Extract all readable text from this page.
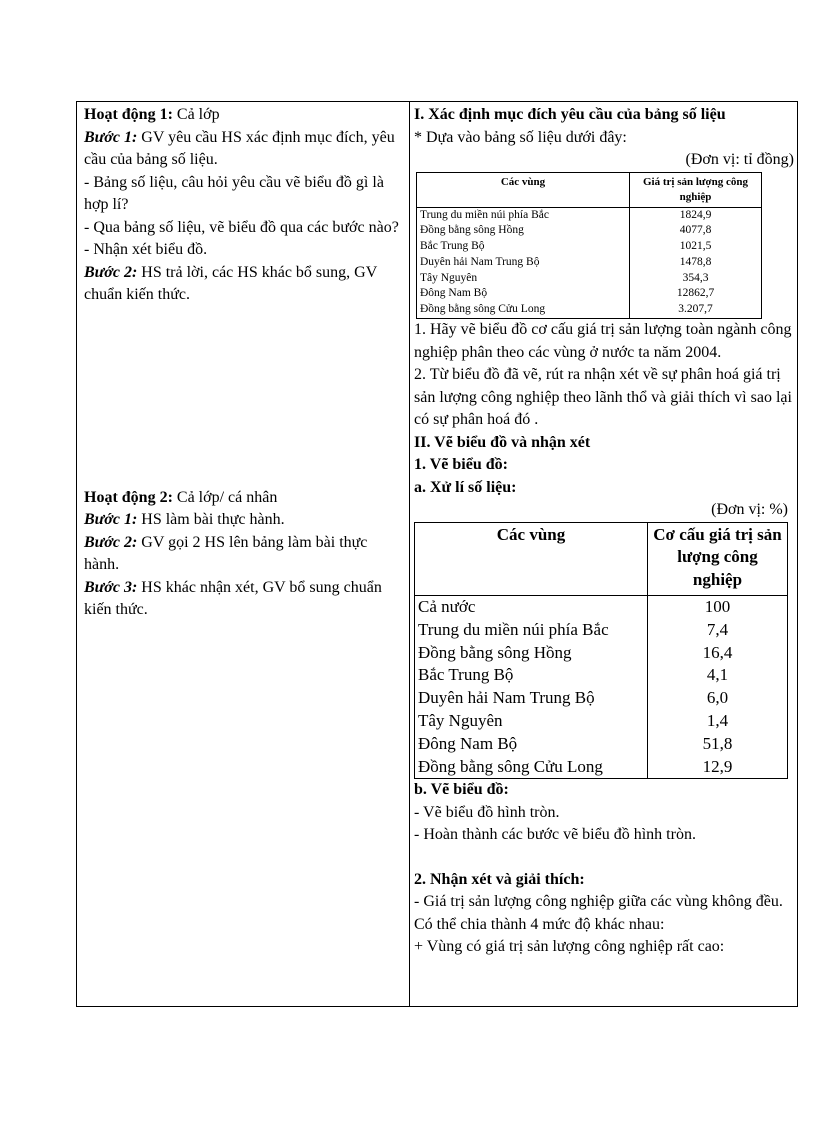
Hoạt động 1: Cả lớp

Bước 1: GV yêu cầu HS xác định mục đích, yêu cầu của bảng số liệu.

- Bảng số liệu, câu hỏi yêu cầu vẽ biểu đồ gì là hợp lí?

- Qua bảng số liệu, vẽ biểu đồ qua các bước nào?

- Nhận xét biểu đồ.

Bước 2: HS trả lời, các HS khác bổ sung, GV chuẩn kiến thức.

Hoạt động 2: Cả lớp/ cá nhân

Bước 1: HS làm bài thực hành.

Bước 2: GV gọi 2 HS lên bảng làm bài thực hành.

Bước 3: HS khác nhận xét, GV bổ sung chuẩn kiến thức.

I. Xác định mục đích yêu cầu của bảng số liệu

* Dựa vào bảng số liệu dưới đây:

(Đơn vị: tỉ đồng)

Các vùng	Giá trị sản lượng công nghiệp
Trung du miền núi phía Bắc	1824,9
Đồng bằng sông Hồng	4077,8
Bắc Trung Bộ	1021,5
Duyên hải Nam Trung Bộ	1478,8
Tây Nguyên	354,3
Đông Nam Bộ	12862,7
Đồng bằng sông Cửu Long	3.207,7

1. Hãy vẽ biểu đồ cơ cấu giá trị sản lượng toàn ngành công nghiệp phân theo các vùng ở nước ta năm 2004.

2. Từ biểu đồ đã vẽ, rút ra nhận xét về sự phân hoá giá trị sản lượng công nghiệp theo lãnh thổ và giải thích vì sao lại có sự phân hoá đó .

II. Vẽ biểu đồ và nhận xét

1. Vẽ biểu đồ:

a. Xử lí số liệu:

(Đơn vị: %)

Các vùng	Cơ cấu giá trị sản lượng công nghiệp
Cả nước	100
Trung du miền núi phía Bắc	7,4
Đồng bằng sông Hồng	16,4
Bắc Trung Bộ	4,1
Duyên hải Nam Trung Bộ	6,0
Tây Nguyên	1,4
Đông Nam Bộ	51,8
Đồng bằng sông Cửu Long	12,9

b. Vẽ biểu đồ:

- Vẽ biểu đồ hình tròn.

- Hoàn thành các bước vẽ biểu đồ hình tròn.

2. Nhận xét và giải thích:

- Giá trị sản lượng công nghiệp giữa các vùng không đều. Có thể chia thành 4 mức độ khác nhau:

+ Vùng có giá trị sản lượng công nghiệp rất cao:
